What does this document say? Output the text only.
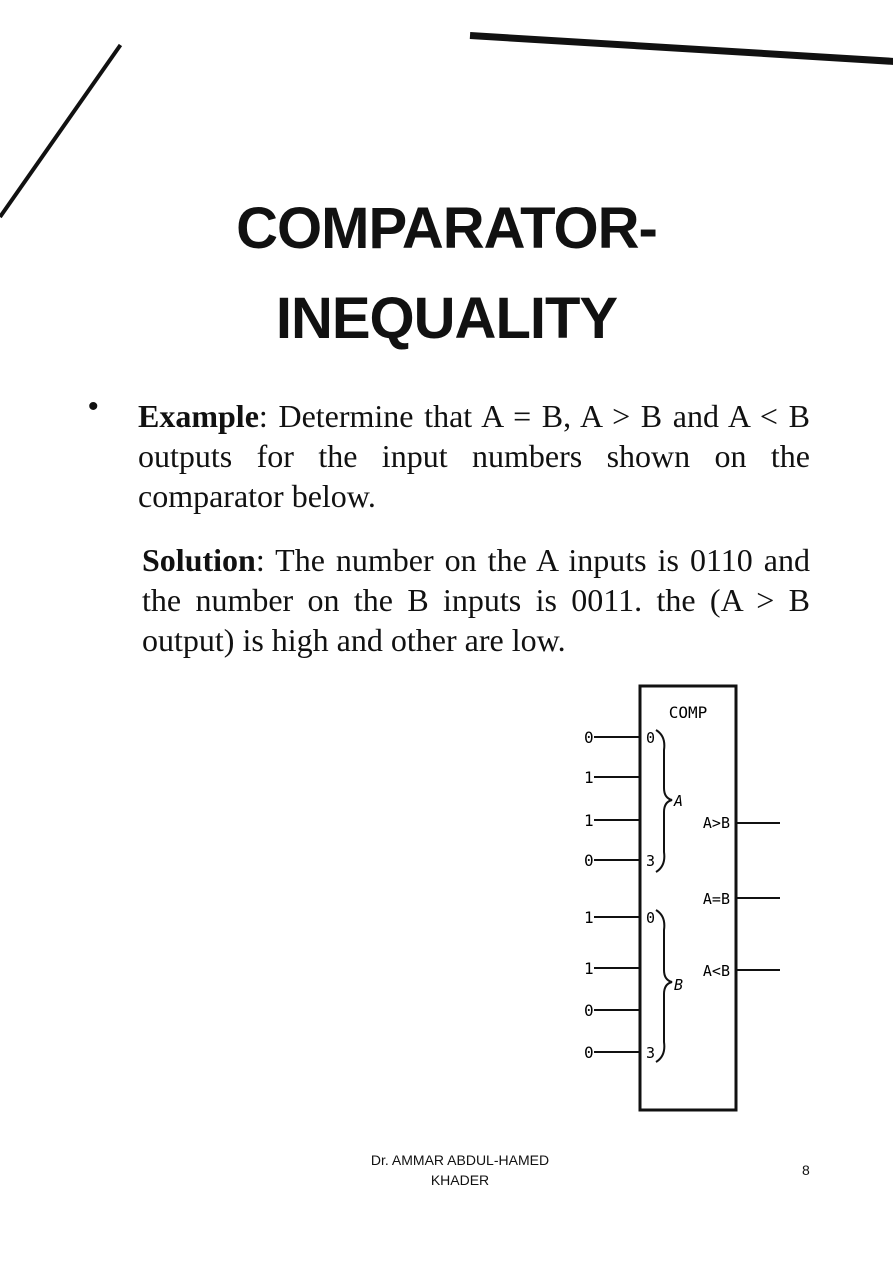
COMPARATOR-
INEQUALITY
• Example: Determine that A = B, A > B and A < B outputs for the input numbers shown on the comparator below.
Solution: The number on the A inputs is 0110 and the number on the B inputs is 0011. the (A > B output) is high and other are low.
COMP
0
1
1
0
1
1
0
0
0
3
0
3
A
B
A>B
A=B
A<B
Dr. AMMAR ABDUL-HAMED
KHADER
8
